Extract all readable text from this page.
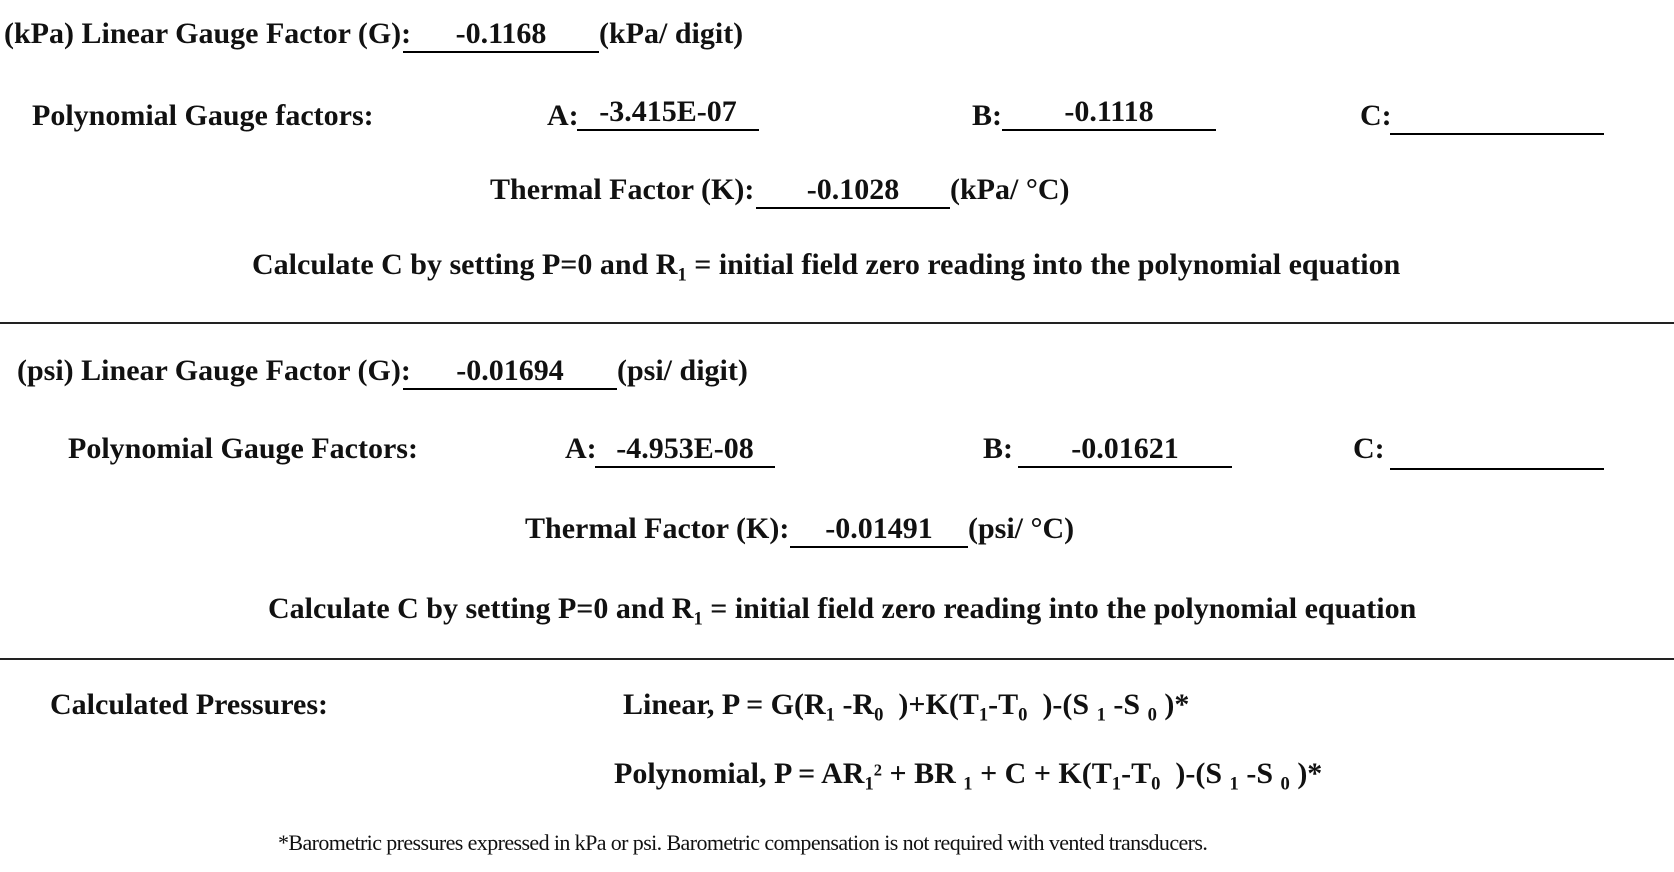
(kPa) Linear Gauge Factor (G):	-0.1168	(kPa/ digit)
Polynomial Gauge factors:	A: -3.415E-07	B:	-0.1118	C:
Thermal Factor (K):	-0.1028	(kPa/ °C)
Calculate C by setting P=0 and $R_1$ = initial field zero reading into the polynomial equation
(psi) Linear Gauge Factor (G):	-0.01694	(psi/ digit)
Polynomial Gauge Factors:	A: -4.953E-08	B:	-0.01621	C:
Thermal Factor (K):	-0.01491	(psi/ °C)
Calculate C by setting P=0 and $R_1$ = initial field zero reading into the polynomial equation
Calculated Pressures:	Linear, $P = G(R_1$ $-R_0$  )$+K(T_1-T_0$  )-(S $_1$ -S $_0$ )*
Polynomial, $P = AR_1^2$ + BR $_1 + C + K(T_1-T_0$  )-(S $_1$ -S $_0$ )*
*Barometric pressures expressed in kPa or psi. Barometric compensation is not required with vented transducers.
